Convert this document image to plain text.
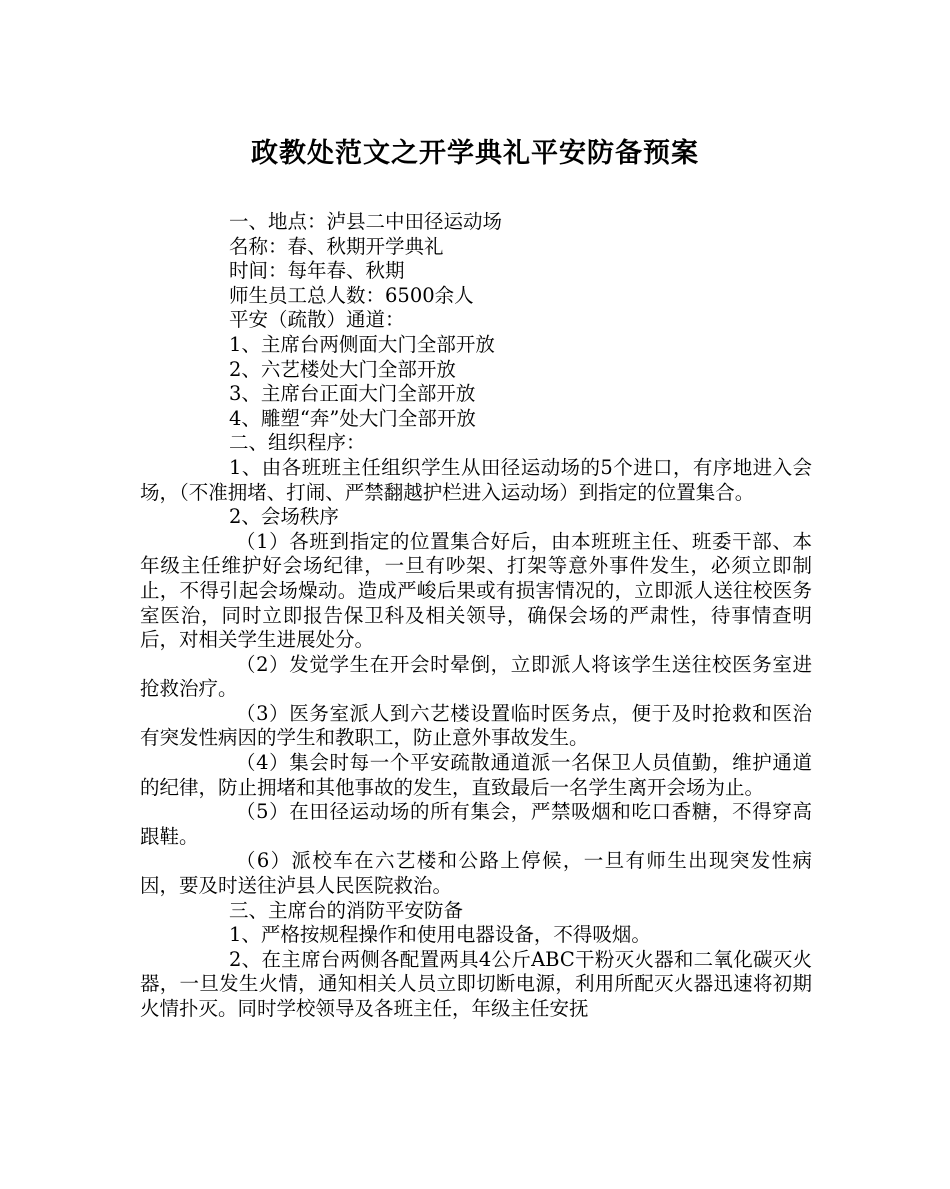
政教处范文之开学典礼平安防备预案

一、地点：泸县二中田径运动场

名称：春、秋期开学典礼

时间：每年春、秋期

师生员工总人数：6500余人

平安（疏散）通道：

1、主席台两侧面大门全部开放

2、六艺楼处大门全部开放

3、主席台正面大门全部开放

4、雕塑“奔”处大门全部开放

二、组织程序：

1、由各班班主任组织学生从田径运动场的5个进口，有序地进入会场，（不准拥堵、打闹、严禁翻越护栏进入运动场）到指定的位置集合。

2、会场秩序

（1）各班到指定的位置集合好后，由本班班主任、班委干部、本年级主任维护好会场纪律，一旦有吵架、打架等意外事件发生，必须立即制止，不得引起会场燥动。造成严峻后果或有损害情况的，立即派人送往校医务室医治，同时立即报告保卫科及相关领导，确保会场的严肃性，待事情查明后，对相关学生进展处分。

（2）发觉学生在开会时晕倒，立即派人将该学生送往校医务室进抢救治疗。

（3）医务室派人到六艺楼设置临时医务点，便于及时抢救和医治有突发性病因的学生和教职工，防止意外事故发生。

（4）集会时每一个平安疏散通道派一名保卫人员值勤，维护通道的纪律，防止拥堵和其他事故的发生，直致最后一名学生离开会场为止。

（5）在田径运动场的所有集会，严禁吸烟和吃口香糖，不得穿高跟鞋。

（6）派校车在六艺楼和公路上停候，一旦有师生出现突发性病因，要及时送往泸县人民医院救治。

三、主席台的消防平安防备

1、严格按规程操作和使用电器设备，不得吸烟。

2、在主席台两侧各配置两具4公斤ABC干粉灭火器和二氧化碳灭火器，一旦发生火情，通知相关人员立即切断电源，利用所配灭火器迅速将初期火情扑灭。同时学校领导及各班主任，年级主任安抚
